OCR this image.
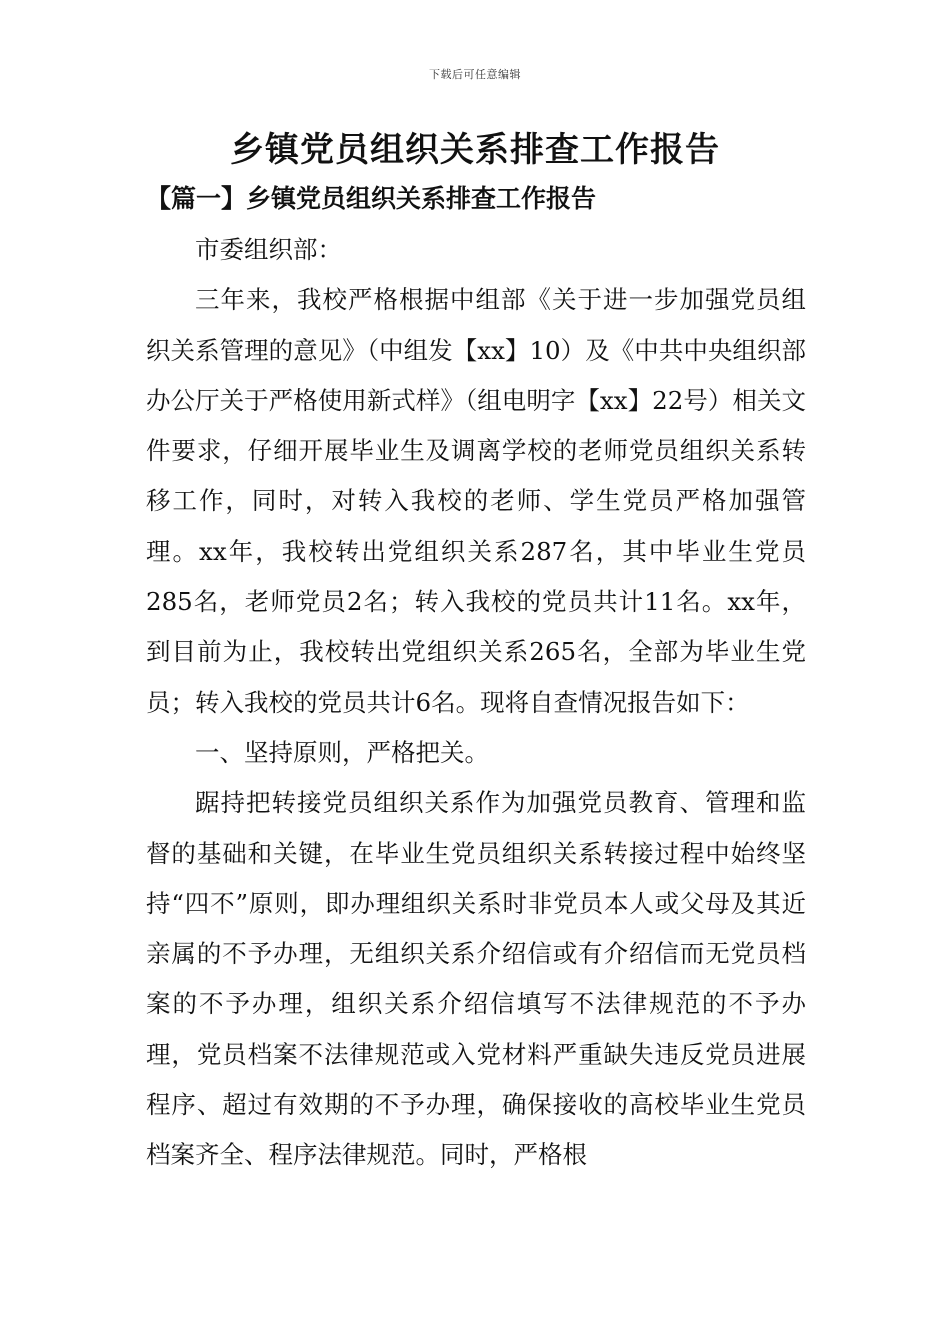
下载后可任意编辑
乡镇党员组织关系排查工作报告
【篇一】乡镇党员组织关系排查工作报告

市委组织部：

三年来，我校严格根据中组部《关于进一步加强党员组织关系管理的意见》（中组发【xx】10）及《中共中央组织部办公厅关于严格使用新式样》（组电明字【xx】22号）相关文件要求，仔细开展毕业生及调离学校的老师党员组织关系转移工作，同时，对转入我校的老师、学生党员严格加强管理。xx年，我校转出党组织关系287名，其中毕业生党员285名，老师党员2名；转入我校的党员共计11名。xx年，到目前为止，我校转出党组织关系265名，全部为毕业生党员；转入我校的党员共计6名。现将自查情况报告如下：

一、坚持原则，严格把关。

踞持把转接党员组织关系作为加强党员教育、管理和监督的基础和关键，在毕业生党员组织关系转接过程中始终坚持“四不”原则，即办理组织关系时非党员本人或父母及其近亲属的不予办理，无组织关系介绍信或有介绍信而无党员档案的不予办理，组织关系介绍信填写不法律规范的不予办理，党员档案不法律规范或入党材料严重缺失违反党员进展程序、超过有效期的不予办理，确保接收的高校毕业生党员档案齐全、程序法律规范。同时，严格根
